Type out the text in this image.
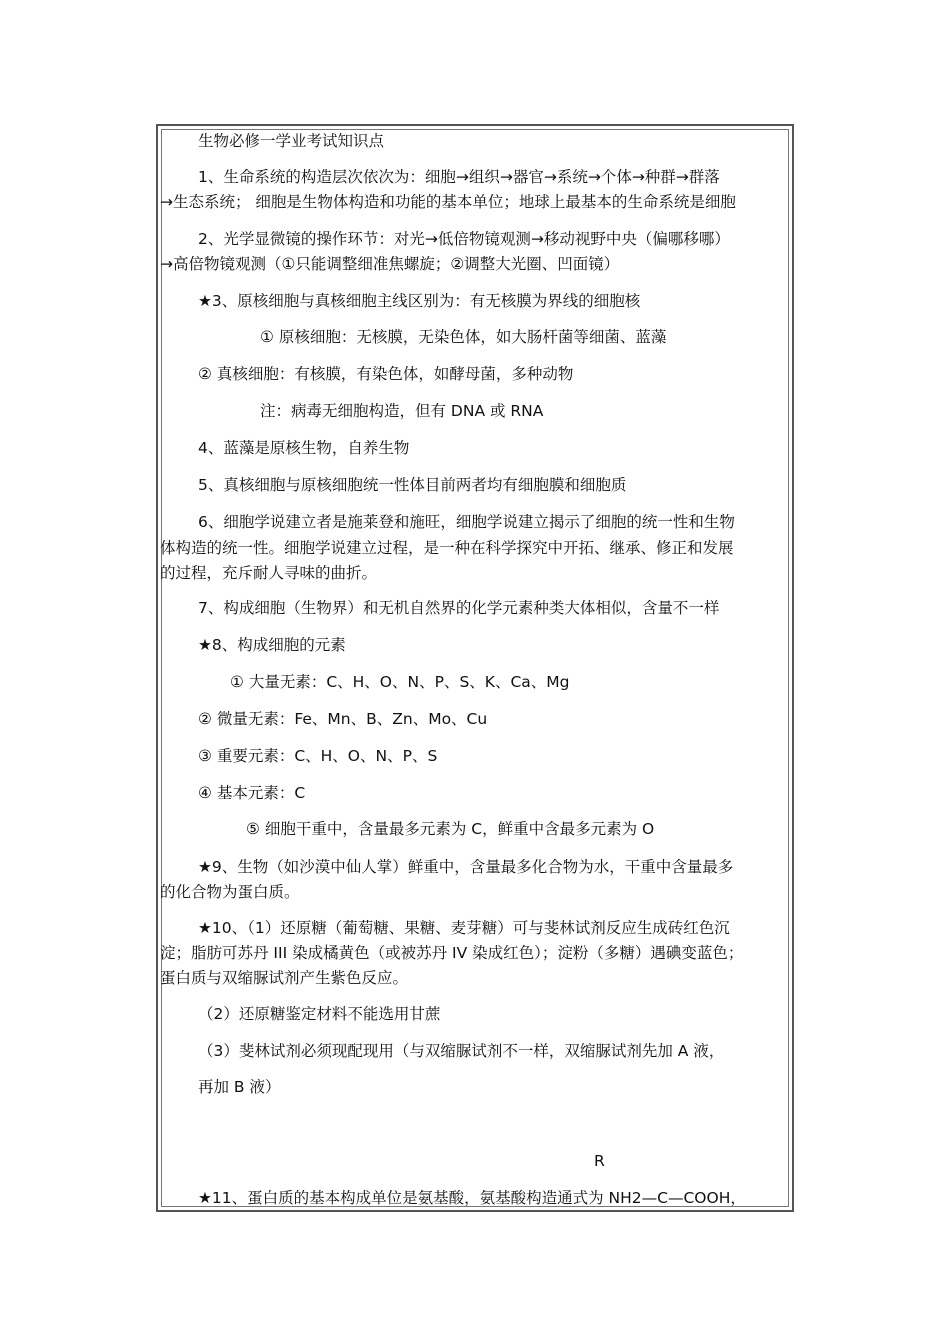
生物必修一学业考试知识点
1、生命系统的构造层次依次为：细胞→组织→器官→系统→个体→种群→群落
→生态系统； 细胞是生物体构造和功能的基本单位；地球上最基本的生命系统是细胞
2、光学显微镜的操作环节：对光→低倍物镜观测→移动视野中央（偏哪移哪）
→高倍物镜观测（①只能调整细准焦螺旋；②调整大光圈、凹面镜）
★3、原核细胞与真核细胞主线区别为：有无核膜为界线的细胞核
① 原核细胞：无核膜，无染色体，如大肠杆菌等细菌、蓝藻
② 真核细胞：有核膜，有染色体，如酵母菌，多种动物
注：病毒无细胞构造，但有 DNA 或 RNA
4、蓝藻是原核生物，自养生物
5、真核细胞与原核细胞统一性体目前两者均有细胞膜和细胞质
6、细胞学说建立者是施莱登和施旺，细胞学说建立揭示了细胞的统一性和生物
体构造的统一性。细胞学说建立过程，是一种在科学探究中开拓、继承、修正和发展
的过程，充斥耐人寻味的曲折。
7、构成细胞（生物界）和无机自然界的化学元素种类大体相似，含量不一样
★8、构成细胞的元素
① 大量无素：C、H、O、N、P、S、K、Ca、Mg
② 微量无素：Fe、Mn、B、Zn、Mo、Cu
③ 重要元素：C、H、O、N、P、S
④ 基本元素：C
⑤ 细胞干重中，含量最多元素为 C，鲜重中含最多元素为 O
★9、生物（如沙漠中仙人掌）鲜重中，含量最多化合物为水，干重中含量最多
的化合物为蛋白质。
★10、（1）还原糖（葡萄糖、果糖、麦芽糖）可与斐林试剂反应生成砖红色沉
淀；脂肪可苏丹 III 染成橘黄色（或被苏丹 IV 染成红色）；淀粉（多糖）遇碘变蓝色；
蛋白质与双缩脲试剂产生紫色反应。
（2）还原糖鉴定材料不能选用甘蔗
（3）斐林试剂必须现配现用（与双缩脲试剂不一样，双缩脲试剂先加 A 液，
再加 B 液）
R
★11、蛋白质的基本构成单位是氨基酸，氨基酸构造通式为 NH2—C—COOH，
